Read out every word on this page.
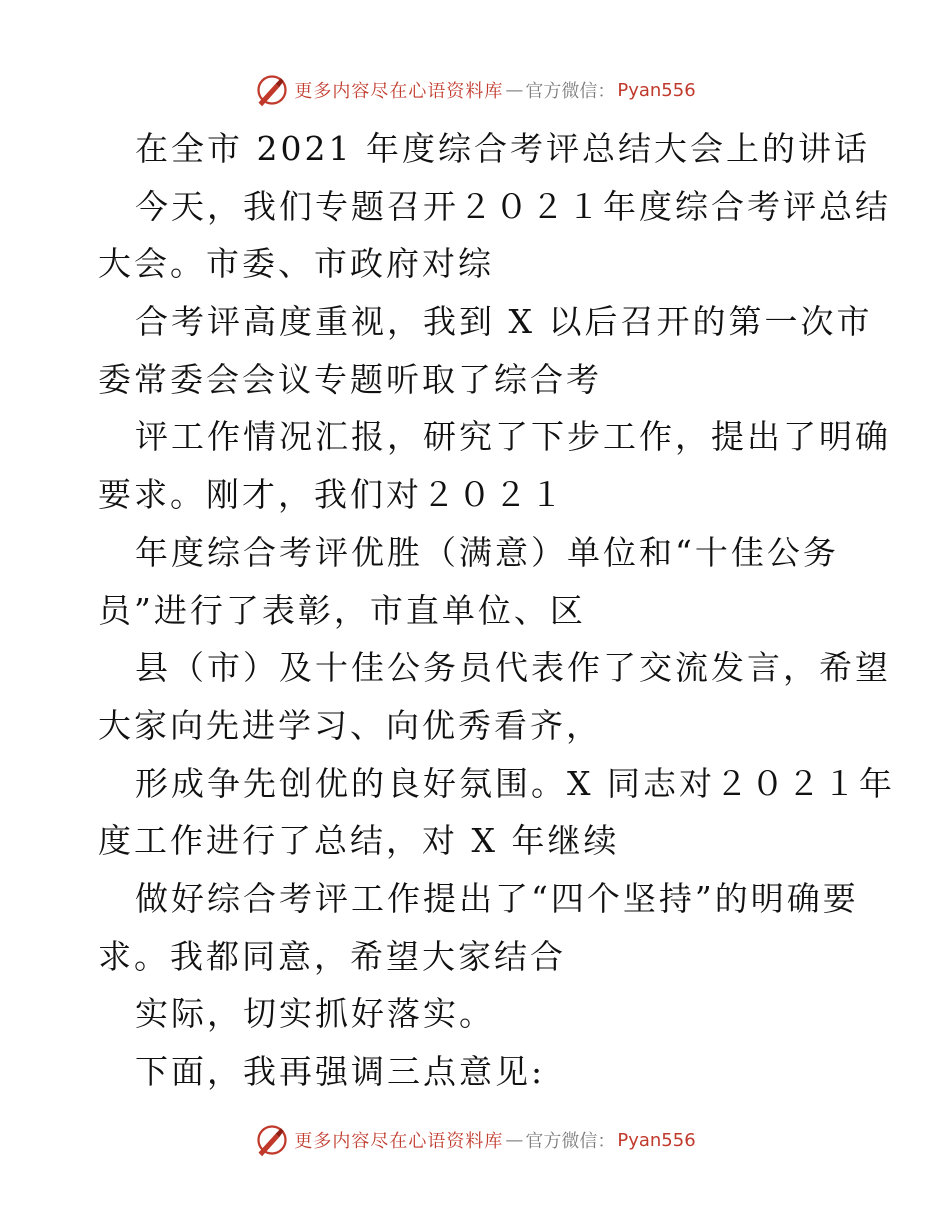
更多内容尽在心语资料库 — 官方微信： Pyan556
在全市 2021 年度综合考评总结大会上的讲话
今天，我们专题召开２０２１年度综合考评总结
大会。市委、市政府对综
合考评高度重视，我到 X 以后召开的第一次市
委常委会会议专题听取了综合考
评工作情况汇报，研究了下步工作，提出了明确
要求。刚才，我们对２０２１
年度综合考评优胜（满意）单位和“十佳公务
员”进行了表彰，市直单位、区
县（市）及十佳公务员代表作了交流发言，希望
大家向先进学习、向优秀看齐，
形成争先创优的良好氛围。X 同志对２０２１年
度工作进行了总结，对 X 年继续
做好综合考评工作提出了“四个坚持”的明确要
求。我都同意，希望大家结合
实际，切实抓好落实。
下面，我再强调三点意见:
更多内容尽在心语资料库 — 官方微信： Pyan556
